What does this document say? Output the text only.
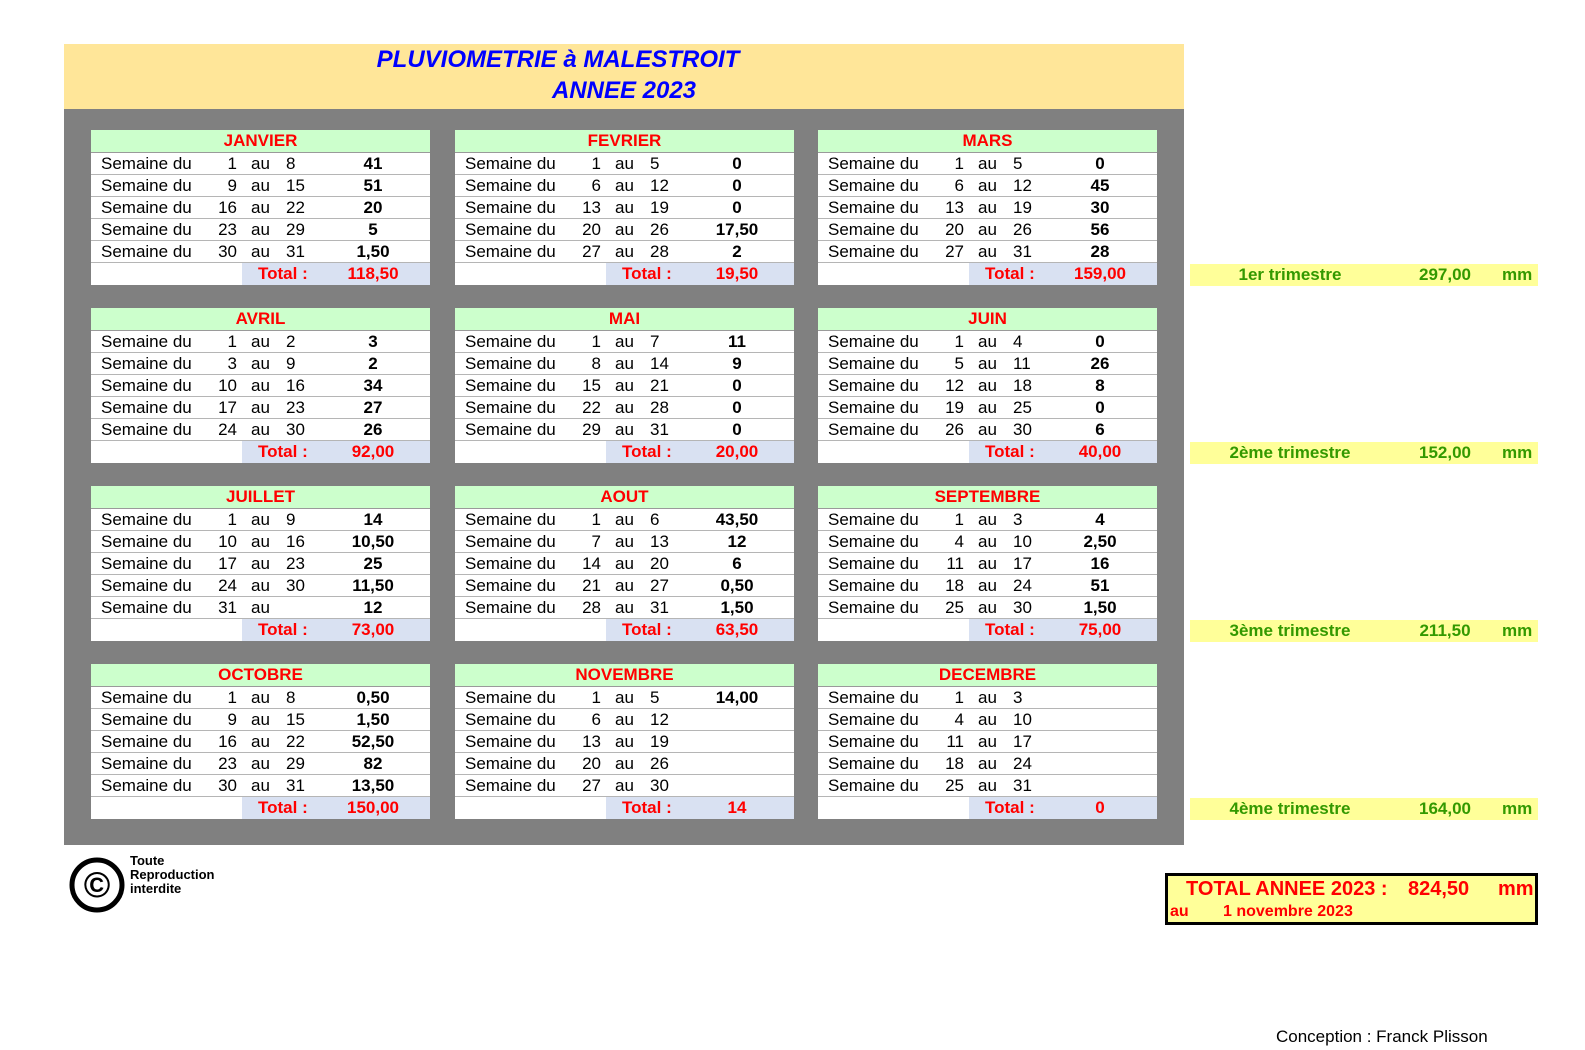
PLUVIOMETRIE à MALESTROIT
ANNEE 2023
JANVIER
Semaine du	1 au 8	41
Semaine du	9 au 15	51
Semaine du	16 au 22	20
Semaine du	23 au 29	5
Semaine du	30 au 31	1,50
Total :	118,50
FEVRIER
Semaine du	1 au 5	0
Semaine du	6 au 12	0
Semaine du	13 au 19	0
Semaine du	20 au 26	17,50
Semaine du	27 au 28	2
Total :	19,50
MARS
Semaine du	1 au 5	0
Semaine du	6 au 12	45
Semaine du	13 au 19	30
Semaine du	20 au 26	56
Semaine du	27 au 31	28
Total :	159,00
AVRIL
Semaine du	1 au 2	3
Semaine du	3 au 9	2
Semaine du	10 au 16	34
Semaine du	17 au 23	27
Semaine du	24 au 30	26
Total :	92,00
MAI
Semaine du	1 au 7	11
Semaine du	8 au 14	9
Semaine du	15 au 21	0
Semaine du	22 au 28	0
Semaine du	29 au 31	0
Total :	20,00
JUIN
Semaine du	1 au 4	0
Semaine du	5 au 11	26
Semaine du	12 au 18	8
Semaine du	19 au 25	0
Semaine du	26 au 30	6
Total :	40,00
JUILLET
Semaine du	1 au 9	14
Semaine du	10 au 16	10,50
Semaine du	17 au 23	25
Semaine du	24 au 30	11,50
Semaine du	31 au	12
Total :	73,00
AOUT
Semaine du	1 au 6	43,50
Semaine du	7 au 13	12
Semaine du	14 au 20	6
Semaine du	21 au 27	0,50
Semaine du	28 au 31	1,50
Total :	63,50
SEPTEMBRE
Semaine du	1 au 3	4
Semaine du	4 au 10	2,50
Semaine du	11 au 17	16
Semaine du	18 au 24	51
Semaine du	25 au 30	1,50
Total :	75,00
OCTOBRE
Semaine du	1 au 8	0,50
Semaine du	9 au 15	1,50
Semaine du	16 au 22	52,50
Semaine du	23 au 29	82
Semaine du	30 au 31	13,50
Total :	150,00
NOVEMBRE
Semaine du	1 au 5	14,00
Semaine du	6 au 12
Semaine du	13 au 19
Semaine du	20 au 26
Semaine du	27 au 30
Total :	14
DECEMBRE
Semaine du	1 au 3
Semaine du	4 au 10
Semaine du	11 au 17
Semaine du	18 au 24
Semaine du	25 au 31
Total :	0
1er trimestre	297,00	mm
2ème trimestre	152,00	mm
3ème trimestre	211,50	mm
4ème trimestre	164,00	mm
©
Toute
Reproduction
interdite	TOTAL ANNEE 2023 : 824,50 mm
au 1 novembre 2023
Conception : Franck Plisson
